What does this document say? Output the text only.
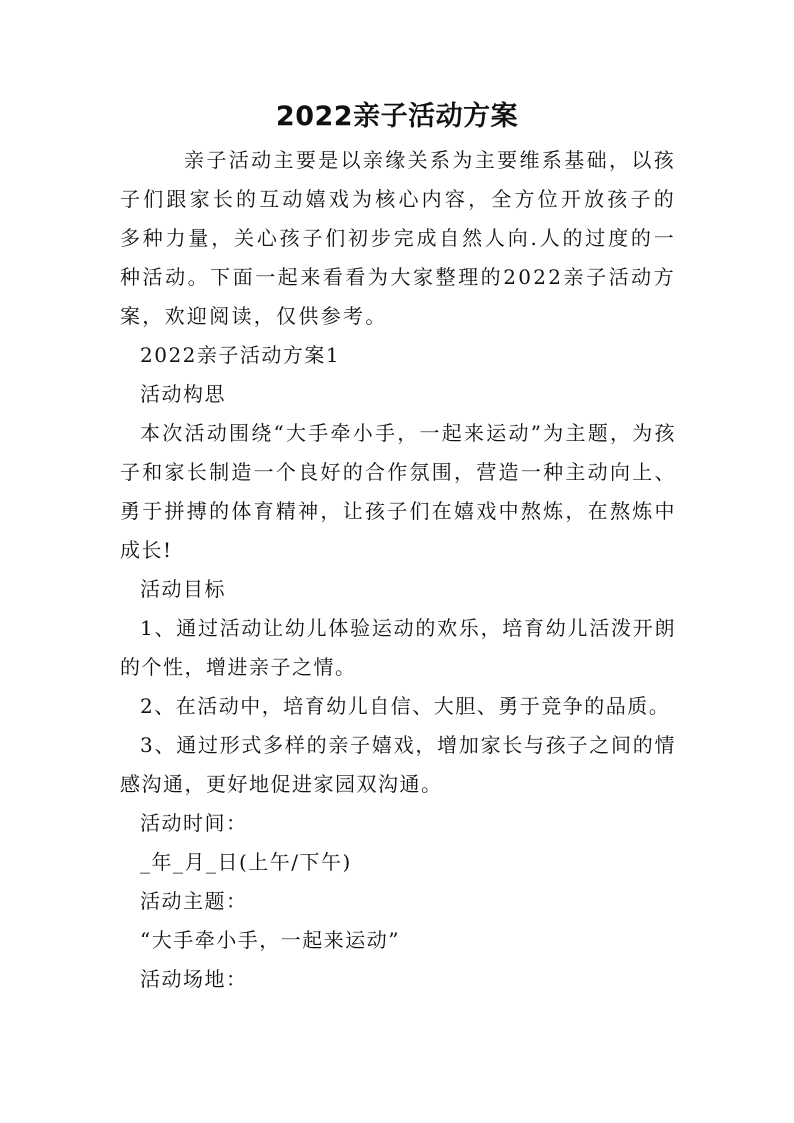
2022亲子活动方案

亲子活动主要是以亲缘关系为主要维系基础，以孩子们跟家长的互动嬉戏为核心内容，全方位开放孩子的多种力量，关心孩子们初步完成自然人向.人的过度的一种活动。下面一起来看看为大家整理的2022亲子活动方案，欢迎阅读，仅供参考。

2022亲子活动方案1

活动构思

本次活动围绕“大手牵小手，一起来运动”为主题，为孩子和家长制造一个良好的合作氛围，营造一种主动向上、勇于拼搏的体育精神，让孩子们在嬉戏中熬炼，在熬炼中成长!

活动目标

1、通过活动让幼儿体验运动的欢乐，培育幼儿活泼开朗的个性，增进亲子之情。

2、在活动中，培育幼儿自信、大胆、勇于竞争的品质。

3、通过形式多样的亲子嬉戏，增加家长与孩子之间的情感沟通，更好地促进家园双沟通。

活动时间：

_年_月_日(上午/下午)

活动主题：

“大手牵小手，一起来运动”

活动场地：
